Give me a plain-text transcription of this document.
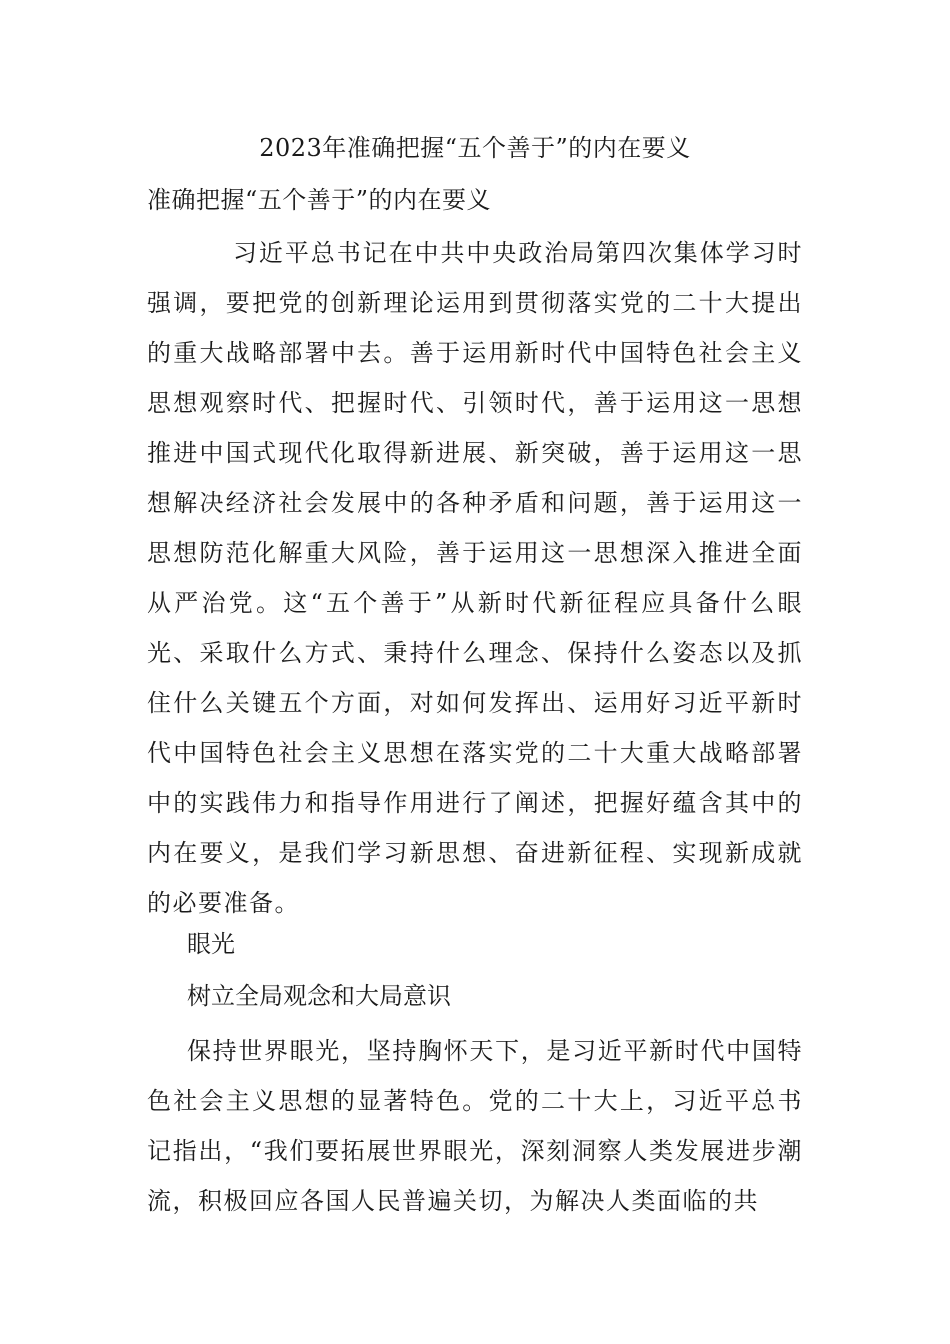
2023年准确把握“五个善于”的内在要义
准确把握“五个善于”的内在要义

习近平总书记在中共中央政治局第四次集体学习时强调，要把党的创新理论运用到贯彻落实党的二十大提出的重大战略部署中去。善于运用新时代中国特色社会主义思想观察时代、把握时代、引领时代，善于运用这一思想推进中国式现代化取得新进展、新突破，善于运用这一思想解决经济社会发展中的各种矛盾和问题，善于运用这一思想防范化解重大风险，善于运用这一思想深入推进全面从严治党。这“五个善于”从新时代新征程应具备什么眼光、采取什么方式、秉持什么理念、保持什么姿态以及抓住什么关键五个方面，对如何发挥出、运用好习近平新时代中国特色社会主义思想在落实党的二十大重大战略部署中的实践伟力和指导作用进行了阐述，把握好蕴含其中的内在要义，是我们学习新思想、奋进新征程、实现新成就的必要准备。

眼光
树立全局观念和大局意识

保持世界眼光，坚持胸怀天下，是习近平新时代中国特色社会主义思想的显著特色。党的二十大上，习近平总书记指出，“我们要拓展世界眼光，深刻洞察人类发展进步潮流，积极回应各国人民普遍关切，为解决人类面临的共
